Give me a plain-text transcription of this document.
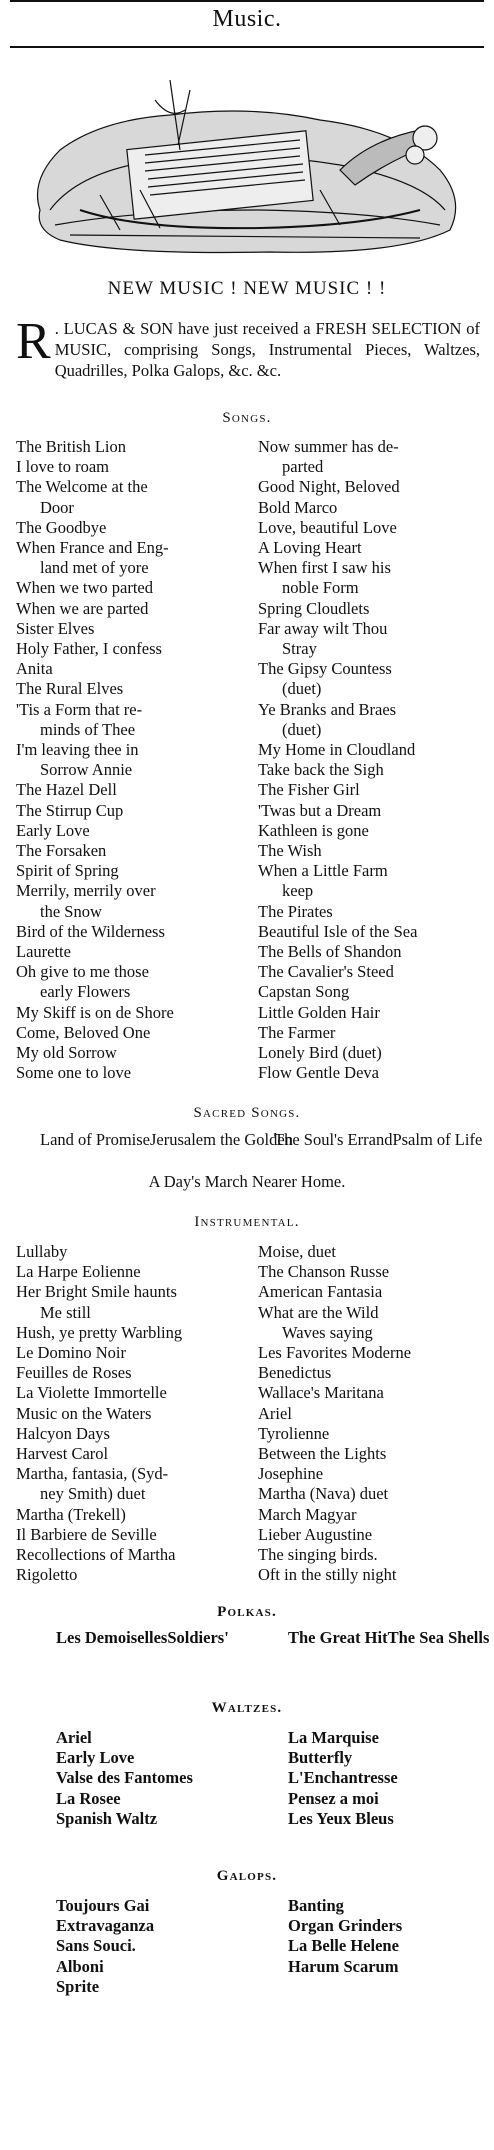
Music.
NEW MUSIC ! NEW MUSIC ! !
R . LUCAS & SON have just received a FRESH SELECTION of MUSIC, comprising Songs, Instrumental Pieces, Waltzes, Quadrilles, Polka Galops, &c. &c.
Songs.
The British Lion
I love to roam
The Welcome at the
Door
The Goodbye
When France and Eng-
land met of yore
When we two parted
When we are parted
Sister Elves
Holy Father, I confess
Anita
The Rural Elves
'Tis a Form that re-
minds of Thee
I'm leaving thee in
Sorrow Annie
The Hazel Dell
The Stirrup Cup
Early Love
The Forsaken
Spirit of Spring
Merrily, merrily over
the Snow
Bird of the Wilderness
Laurette
Oh give to me those
early Flowers
My Skiff is on de Shore
Come, Beloved One
My old Sorrow
Some one to love
Now summer has de-
parted
Good Night, Beloved
Bold Marco
Love, beautiful Love
A Loving Heart
When first I saw his
noble Form
Spring Cloudlets
Far away wilt Thou
Stray
The Gipsy Countess
(duet)
Ye Branks and Braes
(duet)
My Home in Cloudland
Take back the Sigh
The Fisher Girl
'Twas but a Dream
Kathleen is gone
The Wish
When a Little Farm
keep
The Pirates
Beautiful Isle of the Sea
The Bells of Shandon
The Cavalier's Steed
Capstan Song
Little Golden Hair
The Farmer
Lonely Bird (duet)
Flow Gentle Deva
Sacred Songs.
Land of PromiseJerusalem the Golden
The Soul's ErrandPsalm of Life
A Day's March Nearer Home.
Instrumental.
Lullaby
La Harpe Eolienne
Her Bright Smile haunts
Me still
Hush, ye pretty Warbling
Le Domino Noir
Feuilles de Roses
La Violette Immortelle
Music on the Waters
Halcyon Days
Harvest Carol
Martha, fantasia, (Syd-
ney Smith) duet
Martha (Trekell)
Il Barbiere de Seville
Recollections of Martha
Rigoletto
Moise, duet
The Chanson Russe
American Fantasia
What are the Wild
Waves saying
Les Favorites Moderne
Benedictus
Wallace's Maritana
Ariel
Tyrolienne
Between the Lights
Josephine
Martha (Nava) duet
March Magyar
Lieber Augustine
The singing birds.
Oft in the stilly night
Polkas.
Les DemoisellesSoldiers'	The Great HitThe Sea Shells
Waltzes.
Ariel
Early Love
Valse des Fantomes
La Rosee
Spanish Waltz
La Marquise
Butterfly
L'Enchantresse
Pensez a moi
Les Yeux Bleus
Galops.
Toujours Gai
Extravaganza
Sans Souci.
Alboni
Sprite
Banting
Organ Grinders
La Belle Helene
Harum Scarum
